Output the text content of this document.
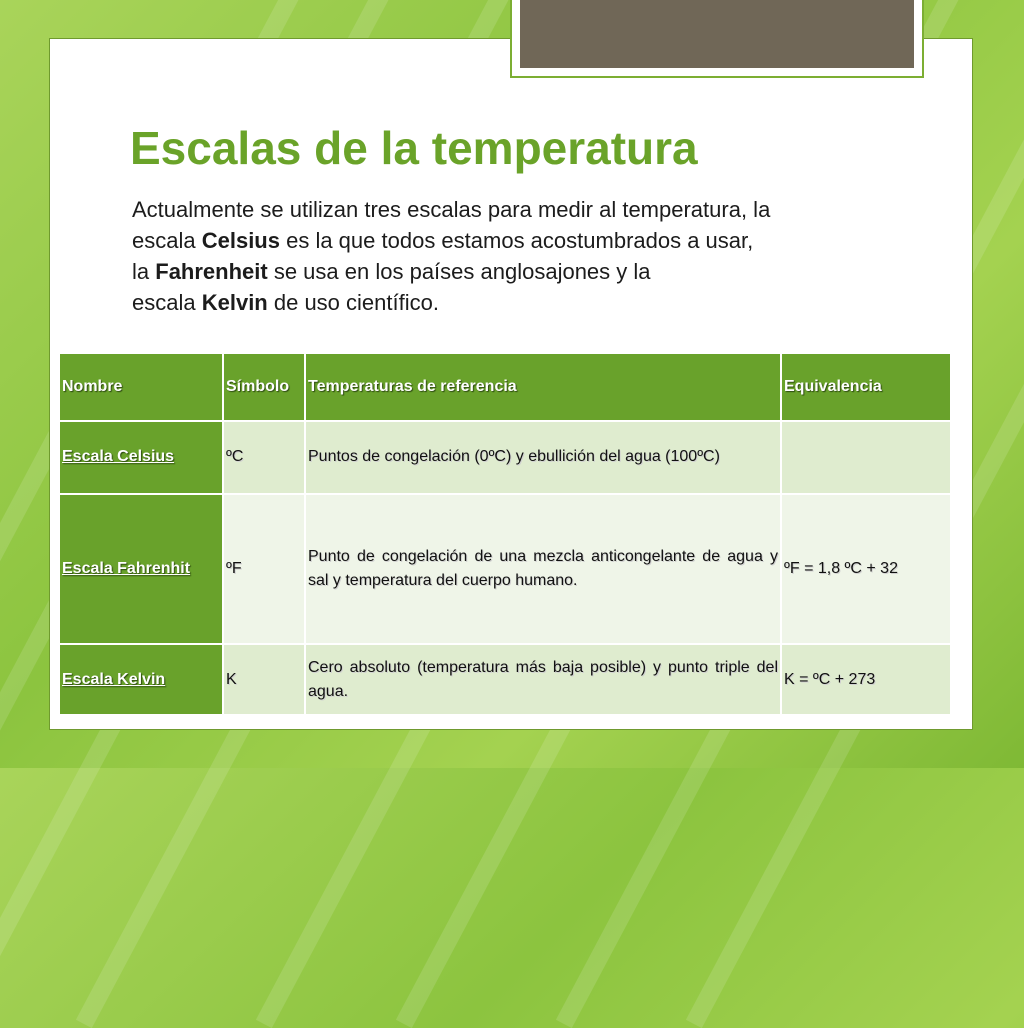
Escalas de la temperatura

Actualmente se utilizan tres escalas para medir al temperatura, la

escala Celsius es la que todos estamos acostumbrados a usar,

la Fahrenheit se usa en los países anglosajones y la

escala Kelvin de uso científico.

Nombre	Símbolo	Temperaturas de referencia	Equivalencia
Escala Celsius	ºC	Puntos de congelación (0ºC) y ebullición del agua (100ºC)	
Escala Fahrenhit	ºF	Punto de congelación de una mezcla anticongelante de agua y sal y temperatura del cuerpo humano.	ºF = 1,8 ºC + 32
Escala Kelvin	K	Cero absoluto (temperatura más baja posible) y punto triple del agua.	K = ºC + 273
